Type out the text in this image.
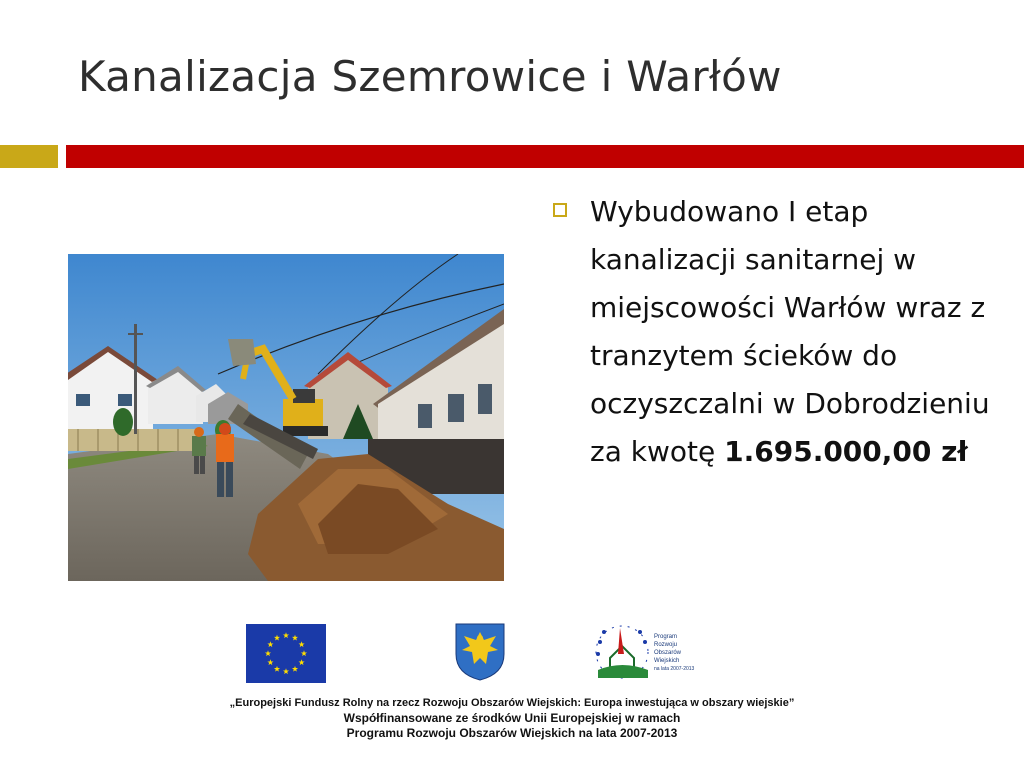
Kanalizacja Szemrowice i Warłów
Wybudowano I etap kanalizacji sanitarnej w miejscowości Warłów wraz z tranzytem ścieków do oczyszczalni w Dobrodzieniu za kwotę 1.695.000,00 zł
Program
Rozwoju
Obszarów
Wiejskich
na lata 2007-2013
„Europejski Fundusz Rolny na rzecz Rozwoju Obszarów Wiejskich: Europa inwestująca w obszary wiejskie”
Współfinansowane ze środków Unii Europejskiej w ramach
Programu Rozwoju Obszarów Wiejskich na lata 2007-2013
